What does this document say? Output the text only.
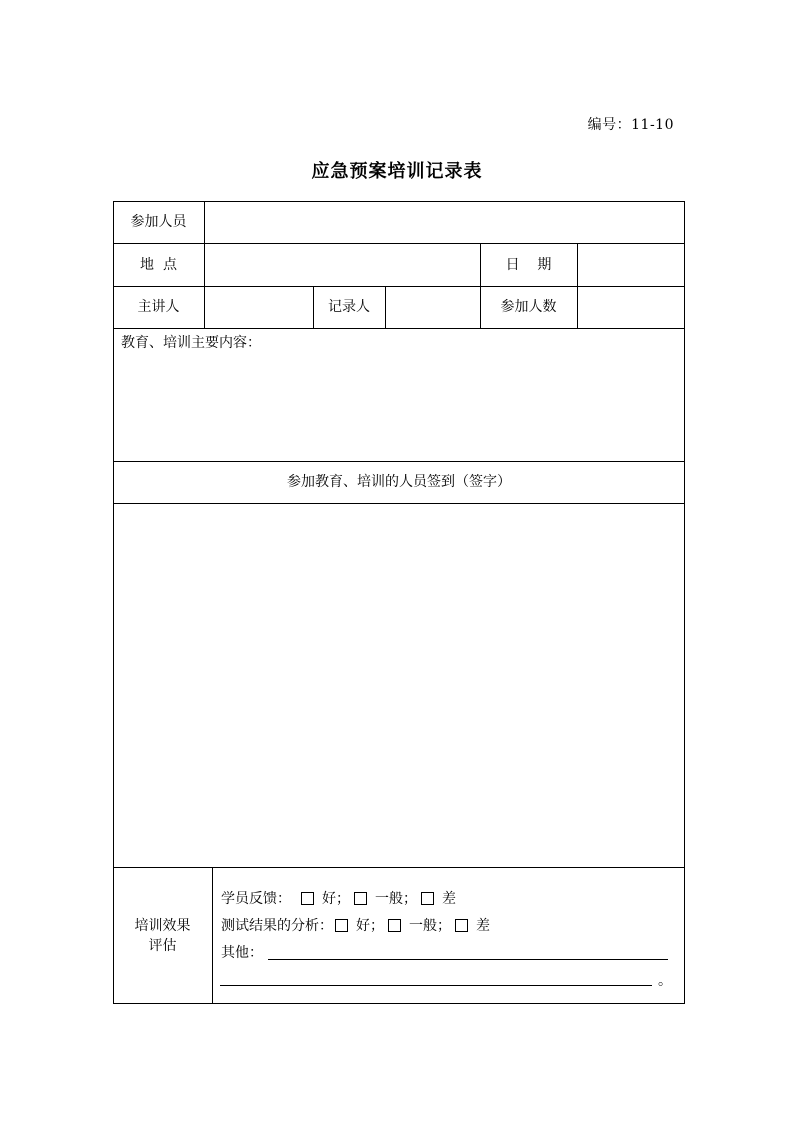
编号：11-10
应急预案培训记录表
参加人员
地  点	日    期
主讲人	记录人	参加人数
教育、培训主要内容：
参加教育、培训的人员签到（签字）
培训效果
评估
学员反馈： 好； 一般； 差
测试结果的分析： 好； 一般； 差
其他：
。
